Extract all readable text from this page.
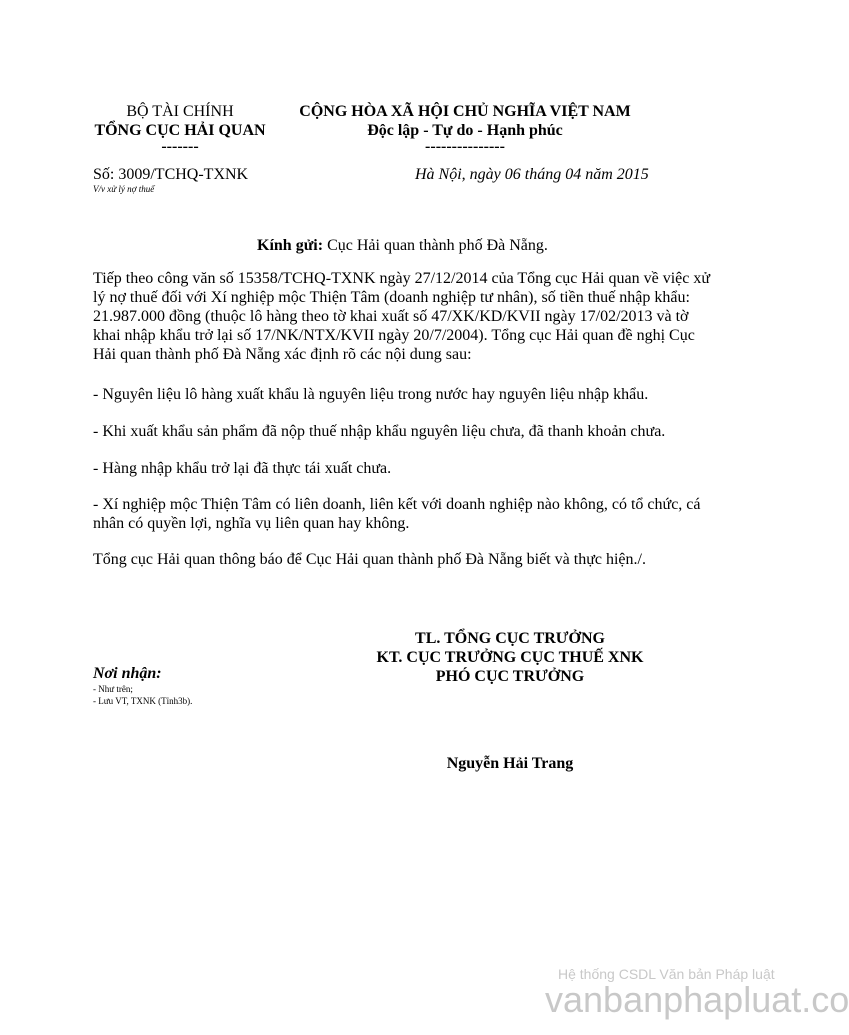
BỘ TÀI CHÍNH
TỔNG CỤC HẢI QUAN
-------
CỘNG HÒA XÃ HỘI CHỦ NGHĨA VIỆT NAM
Độc lập - Tự do - Hạnh phúc
---------------
Số: 3009/TCHQ-TXNK
V/v xử lý nợ thuế
Hà Nội, ngày 06 tháng 04 năm 2015
Kính gửi: Cục Hải quan thành phố Đà Nẵng.
Tiếp theo công văn số 15358/TCHQ-TXNK ngày 27/12/2014 của Tổng cục Hải quan về việc xử
lý nợ thuế đối với Xí nghiệp mộc Thiện Tâm (doanh nghiệp tư nhân), số tiền thuế nhập khẩu:
21.987.000 đồng (thuộc lô hàng theo tờ khai xuất số 47/XK/KD/KVII ngày 17/02/2013 và tờ
khai nhập khẩu trở lại số 17/NK/NTX/KVII ngày 20/7/2004). Tổng cục Hải quan đề nghị Cục
Hải quan thành phố Đà Nẵng xác định rõ các nội dung sau:
- Nguyên liệu lô hàng xuất khẩu là nguyên liệu trong nước hay nguyên liệu nhập khẩu.
- Khi xuất khẩu sản phẩm đã nộp thuế nhập khẩu nguyên liệu chưa, đã thanh khoản chưa.
- Hàng nhập khẩu trở lại đã thực tái xuất chưa.
- Xí nghiệp mộc Thiện Tâm có liên doanh, liên kết với doanh nghiệp nào không, có tổ chức, cá
nhân có quyền lợi, nghĩa vụ liên quan hay không.
Tổng cục Hải quan thông báo để Cục Hải quan thành phố Đà Nẵng biết và thực hiện./.
TL. TỔNG CỤC TRƯỞNG
KT. CỤC TRƯỞNG CỤC THUẾ XNK
PHÓ CỤC TRƯỞNG
Nguyễn Hải Trang
Nơi nhận:
- Như trên;
- Lưu VT, TXNK (Tỉnh3b).
Hệ thống CSDL Văn bản Pháp luật
vanbanphapluat.co
